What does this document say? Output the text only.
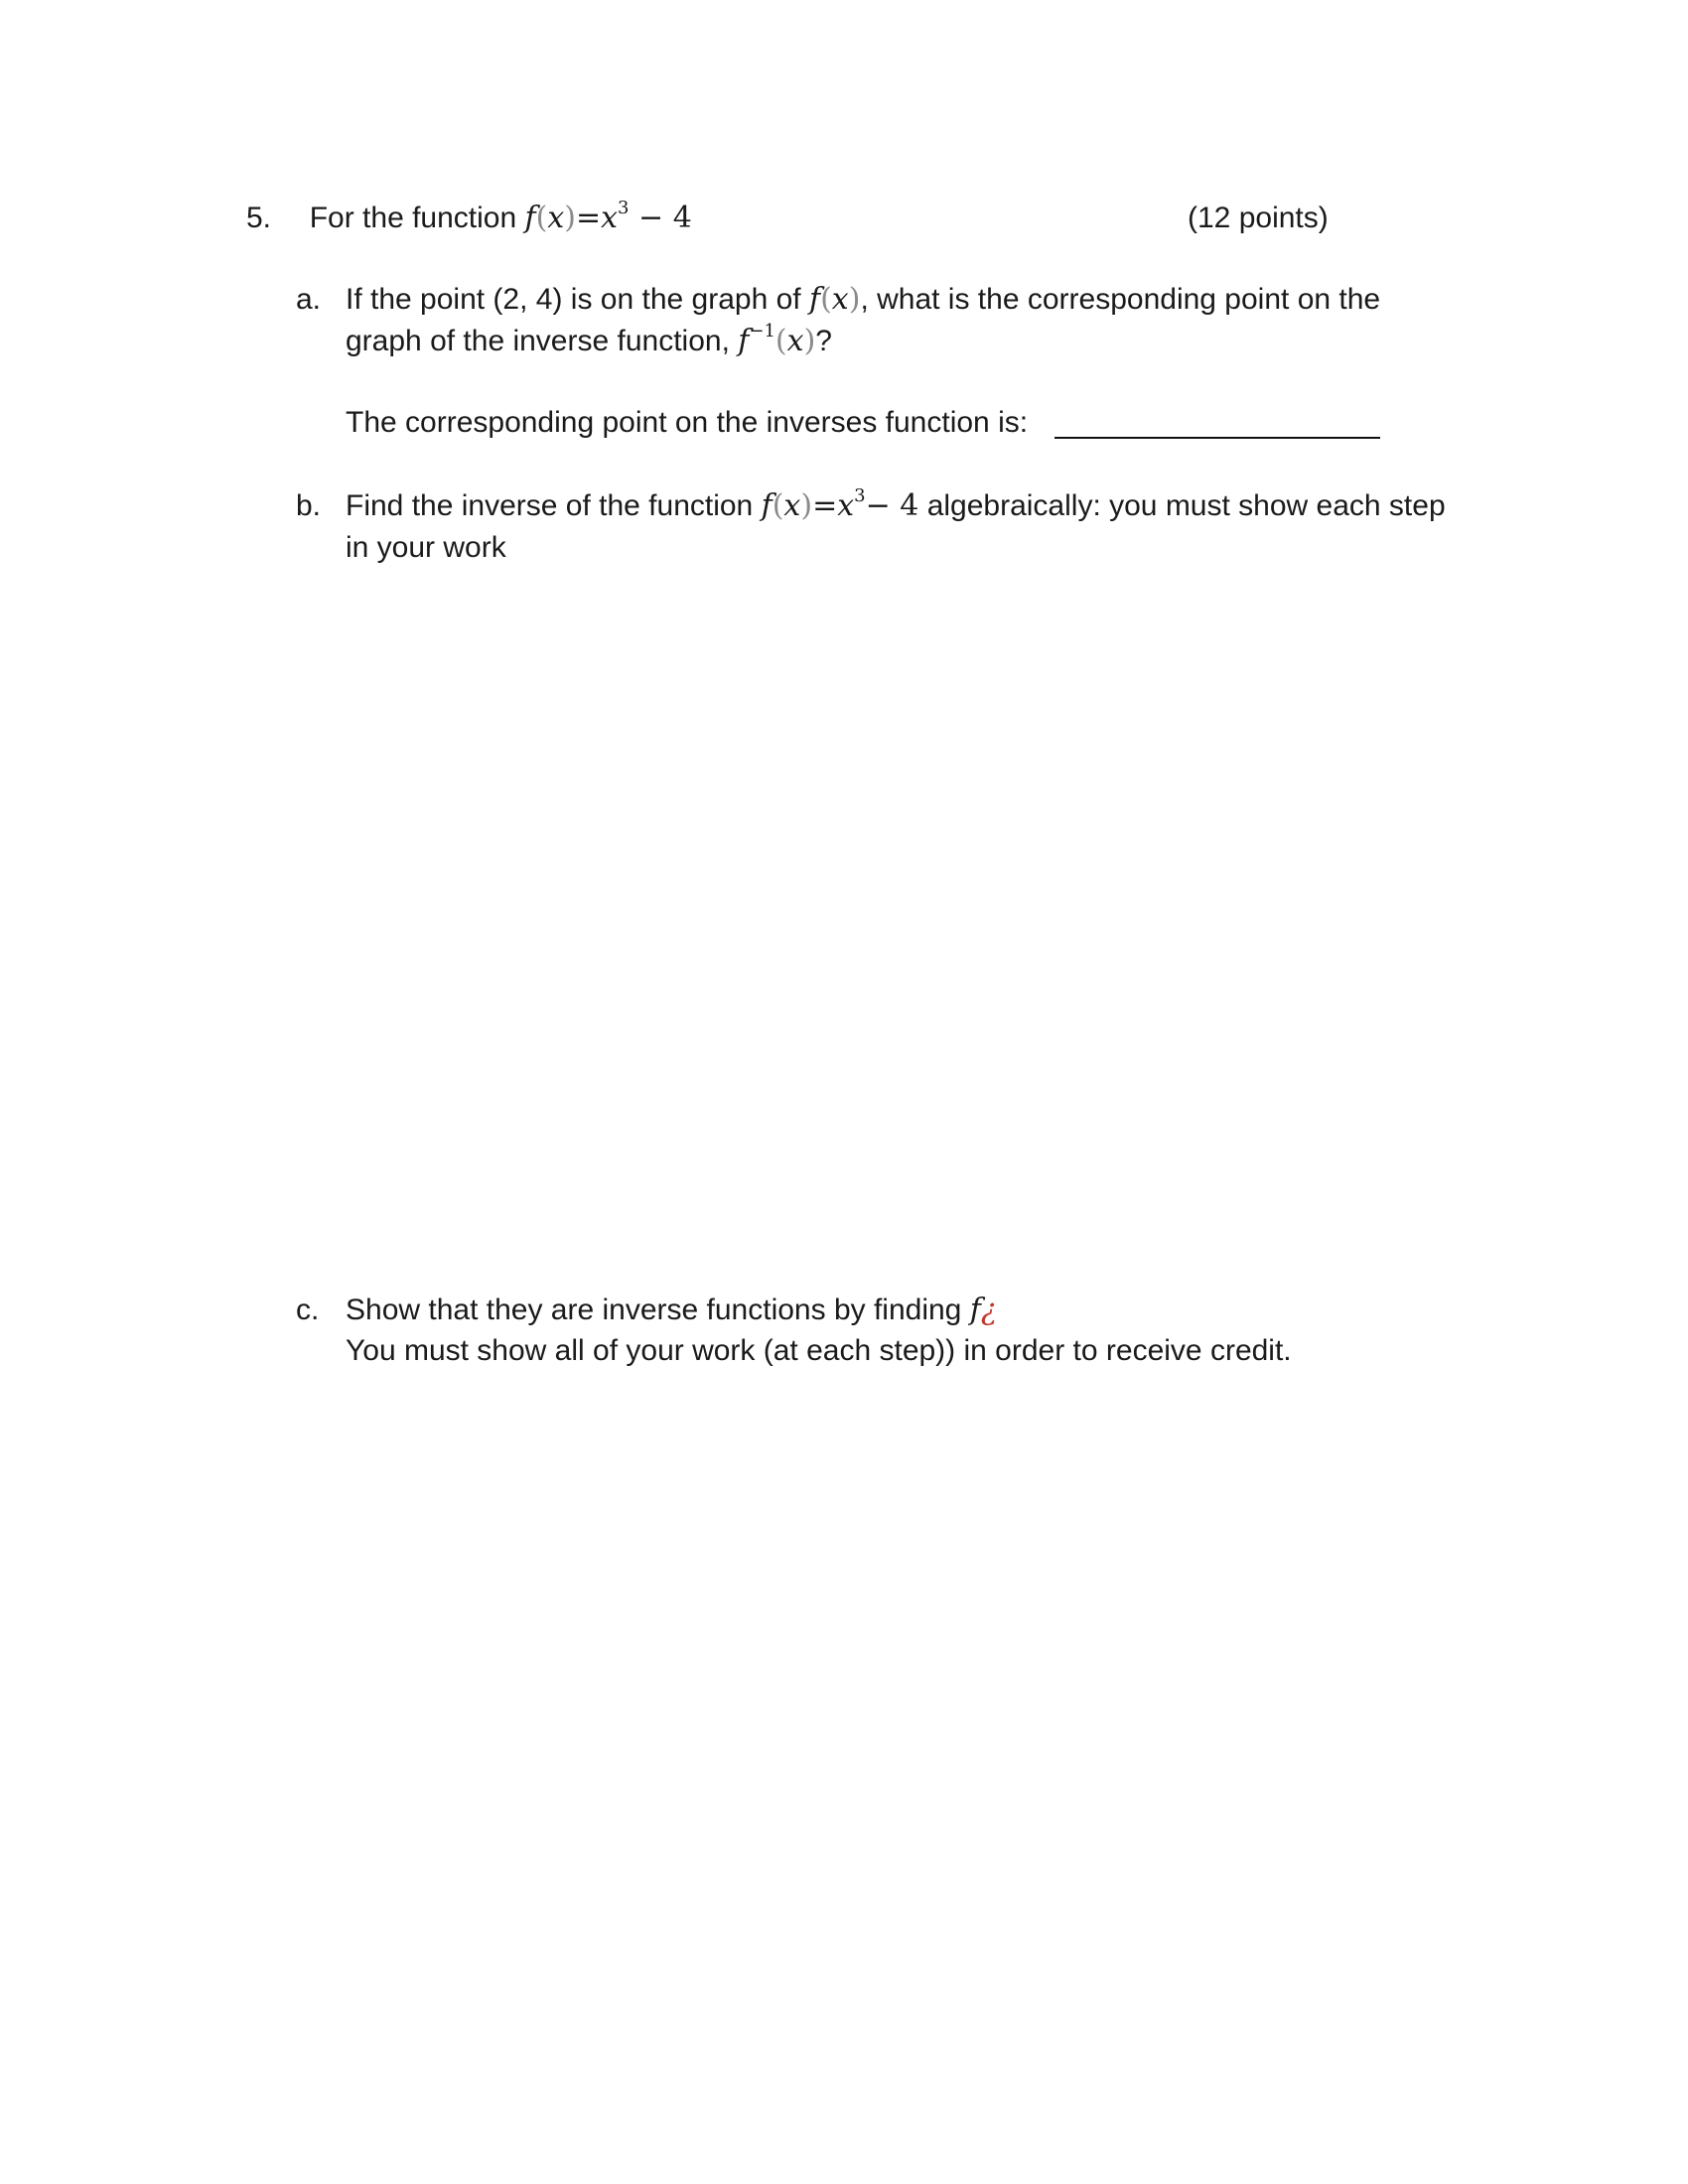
5. For the function $f(x)=x^3 - 4$	(12 points)
a. If the point (2, 4) is on the graph of f(x), what is the corresponding point on the
graph of the inverse function, $f^{-1}(x)$?
The corresponding point on the inverses function is:
b. Find the inverse of the function $f(x)=x^3- 4$ algebraically: you must show each step
in your work
c. Show that they are inverse functions by finding f¿
You must show all of your work (at each step)) in order to receive credit.
